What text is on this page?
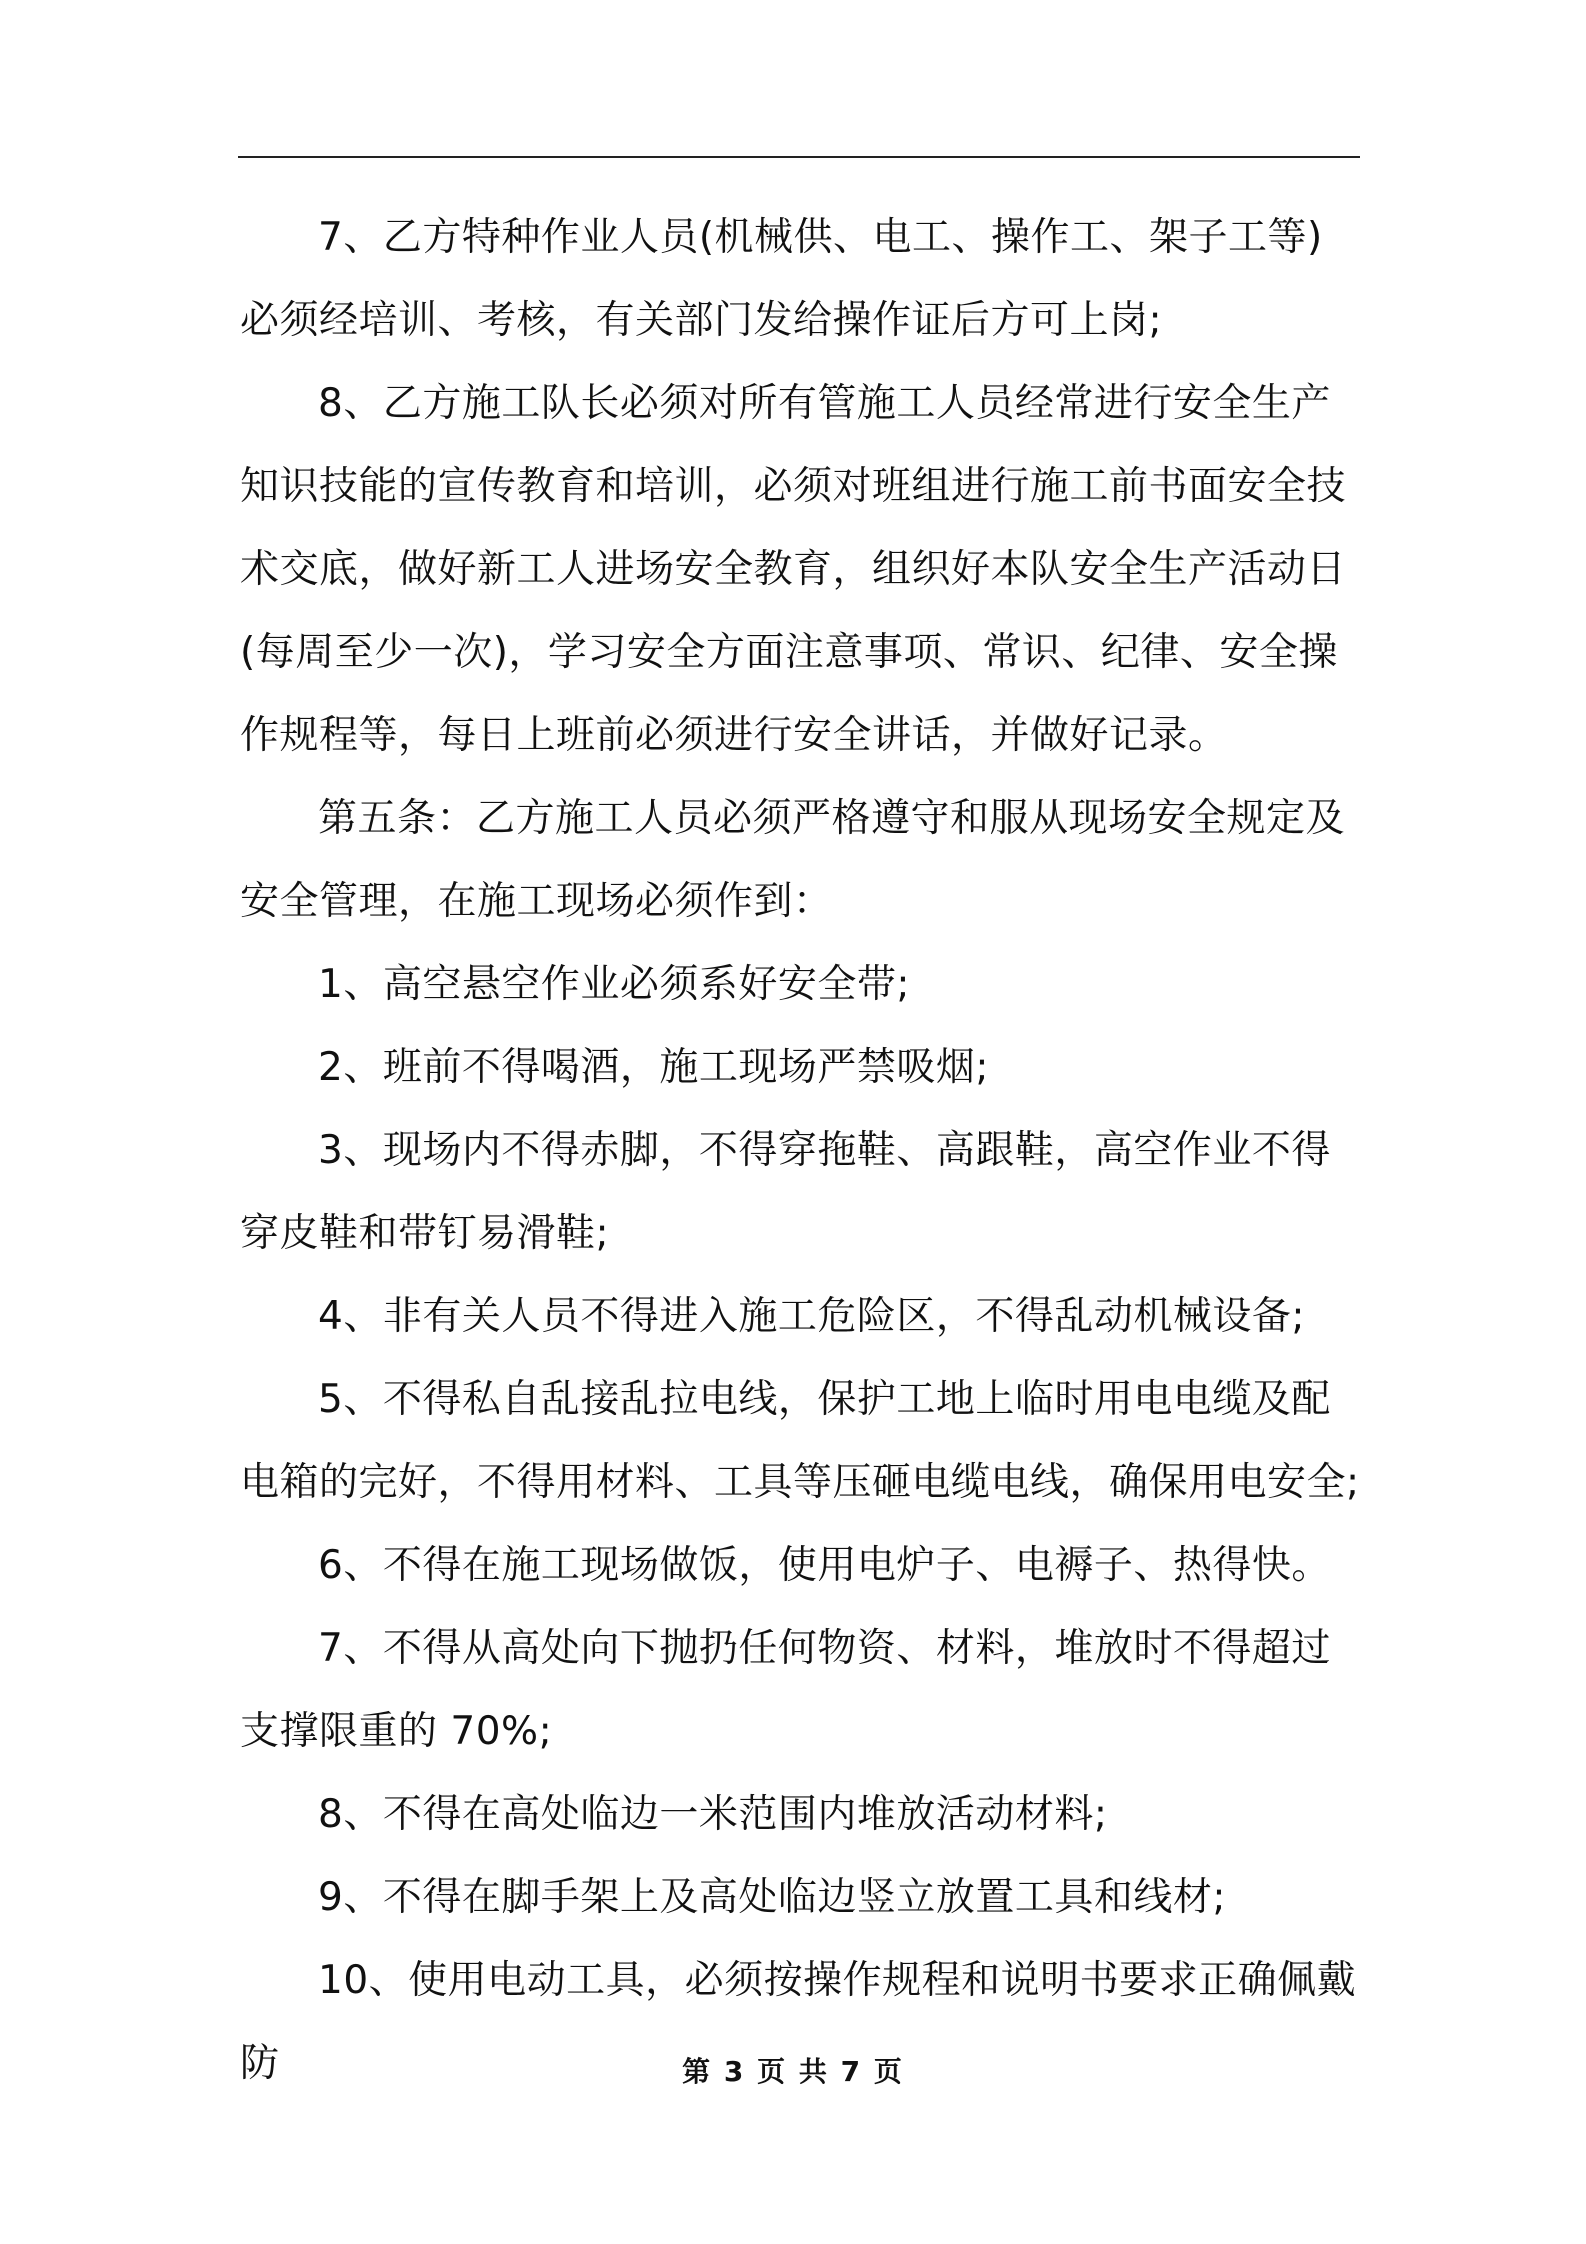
7、乙方特种作业人员(机械供、电工、操作工、架子工等)必须经培训、考核，有关部门发给操作证后方可上岗;

8、乙方施工队长必须对所有管施工人员经常进行安全生产知识技能的宣传教育和培训，必须对班组进行施工前书面安全技术交底，做好新工人进场安全教育，组织好本队安全生产活动日(每周至少一次)，学习安全方面注意事项、常识、纪律、安全操作规程等，每日上班前必须进行安全讲话，并做好记录。

第五条：乙方施工人员必须严格遵守和服从现场安全规定及安全管理，在施工现场必须作到：

1、高空悬空作业必须系好安全带;

2、班前不得喝酒，施工现场严禁吸烟;

3、现场内不得赤脚，不得穿拖鞋、高跟鞋，高空作业不得穿皮鞋和带钉易滑鞋;

4、非有关人员不得进入施工危险区，不得乱动机械设备;

5、不得私自乱接乱拉电线，保护工地上临时用电电缆及配电箱的完好，不得用材料、工具等压砸电缆电线，确保用电安全;

6、不得在施工现场做饭，使用电炉子、电褥子、热得快。

7、不得从高处向下抛扔任何物资、材料，堆放时不得超过支撑限重的 70%;

8、不得在高处临边一米范围内堆放活动材料;

9、不得在脚手架上及高处临边竖立放置工具和线材;

10、使用电动工具，必须按操作规程和说明书要求正确佩戴防	第 3 页 共 7 页
